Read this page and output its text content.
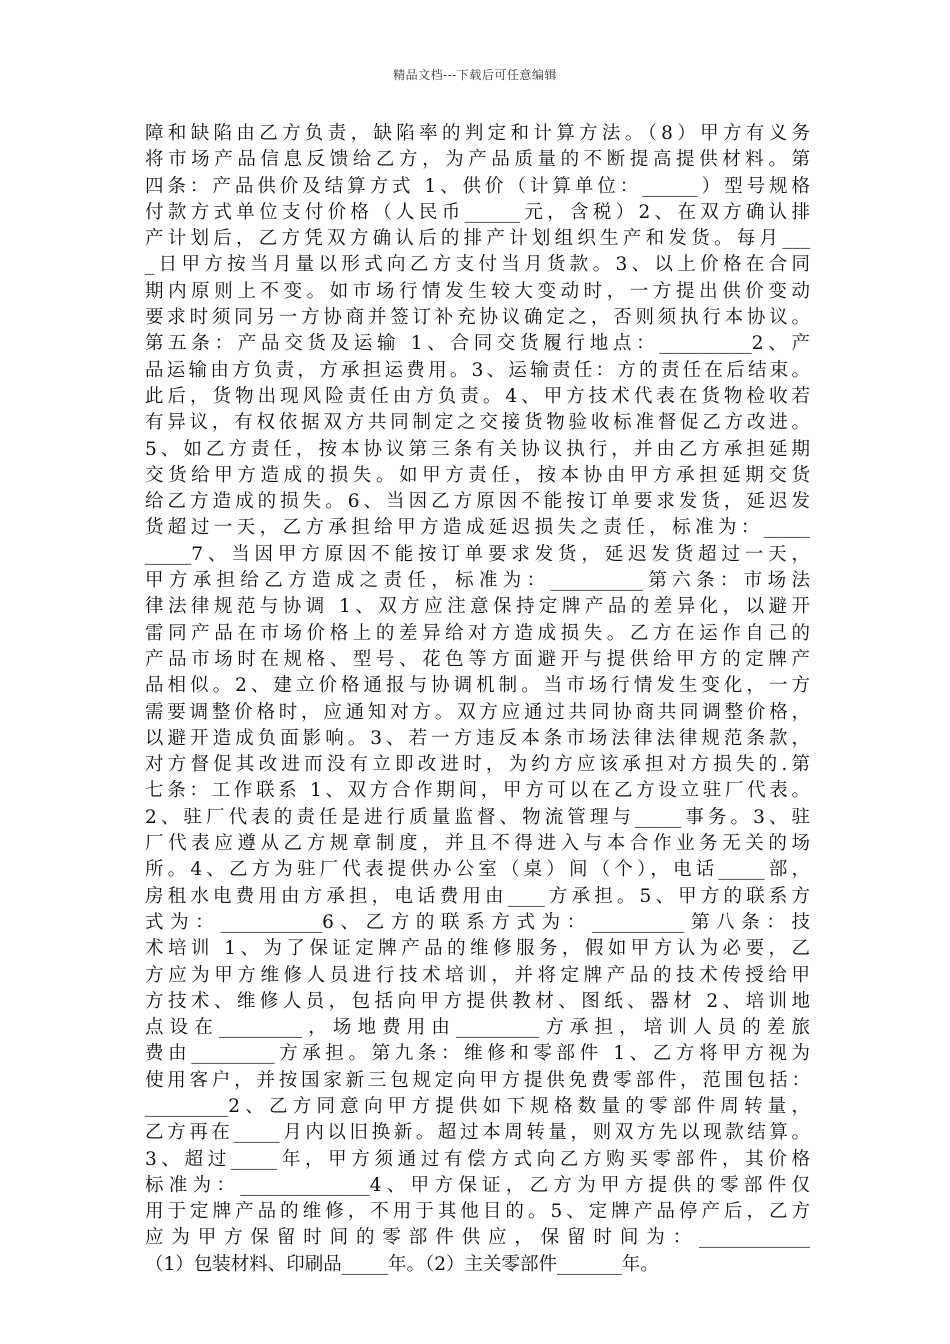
精品文档---下载后可任意编辑
障和缺陷由乙方负责，缺陷率的判定和计算方法。（8）甲方有义务
将市场产品信息反馈给乙方，为产品质量的不断提高提供材料。第
四条：产品供价及结算方式 1、供价（计算单位：______）型号规格
付款方式单位支付价格（人民币______元，含税）2、在双方确认排
产计划后，乙方凭双方确认后的排产计划组织生产和发货。每月___
_日甲方按当月量以形式向乙方支付当月货款。3、以上价格在合同
期内原则上不变。如市场行情发生较大变动时，一方提出供价变动
要求时须同另一方协商并签订补充协议确定之，否则须执行本协议。
第五条：产品交货及运输 1、合同交货履行地点：__________2、产
品运输由方负责，方承担运费用。3、运输责任：方的责任在后结束。
此后，货物出现风险责任由方负责。4、甲方技术代表在货物检收若
有异议，有权依据双方共同制定之交接货物验收标准督促乙方改进。
5、如乙方责任，按本协议第三条有关协议执行，并由乙方承担延期
交货给甲方造成的损失。如甲方责任，按本协由甲方承担延期交货
给乙方造成的损失。6、当因乙方原因不能按订单要求发货，延迟发
货超过一天，乙方承担给甲方造成延迟损失之责任，标准为：_____
_____7、当因甲方原因不能按订单要求发货，延迟发货超过一天，
甲方承担给乙方造成之责任，标准为：__________第六条：市场法
律法律规范与协调 1、双方应注意保持定牌产品的差异化，以避开
雷同产品在市场价格上的差异给对方造成损失。乙方在运作自己的
产品市场时在规格、型号、花色等方面避开与提供给甲方的定牌产
品相似。2、建立价格通报与协调机制。当市场行情发生变化，一方
需要调整价格时，应通知对方。双方应通过共同协商共同调整价格，
以避开造成负面影响。3、若一方违反本条市场法律法律规范条款，
对方督促其改进而没有立即改进时，为约方应该承担对方损失的.第
七条：工作联系 1、双方合作期间，甲方可以在乙方设立驻厂代表。
2、驻厂代表的责任是进行质量监督、物流管理与_____事务。3、驻
厂代表应遵从乙方规章制度，并且不得进入与本合作业务无关的场
所。4、乙方为驻厂代表提供办公室（桌）间（个），电话_____部，
房租水电费用由方承担，电话费用由____方承担。5、甲方的联系方
式为：___________6、乙方的联系方式为：__________第八条：技
术培训 1、为了保证定牌产品的维修服务，假如甲方认为必要，乙
方应为甲方维修人员进行技术培训，并将定牌产品的技术传授给甲
方技术、维修人员，包括向甲方提供教材、图纸、器材 2、培训地
点设在_________，场地费用由_________方承担，培训人员的差旅
费由_________方承担。第九条：维修和零部件 1、乙方将甲方视为
使用客户，并按国家新三包规定向甲方提供免费零部件，范围包括：
_________2、乙方同意向甲方提供如下规格数量的零部件周转量，
乙方再在_____月内以旧换新。超过本周转量，则双方先以现款结算。
3、超过_____年，甲方须通过有偿方式向乙方购买零部件，其价格
标准为：______________4、甲方保证，乙方为甲方提供的零部件仅
用于定牌产品的维修，不用于其他目的。5、定牌产品停产后，乙方
应为甲方保留时间的零部件供应，保留时间为：____________
（1）包装材料、印刷品_____年。（2）主关零部件_______年。
